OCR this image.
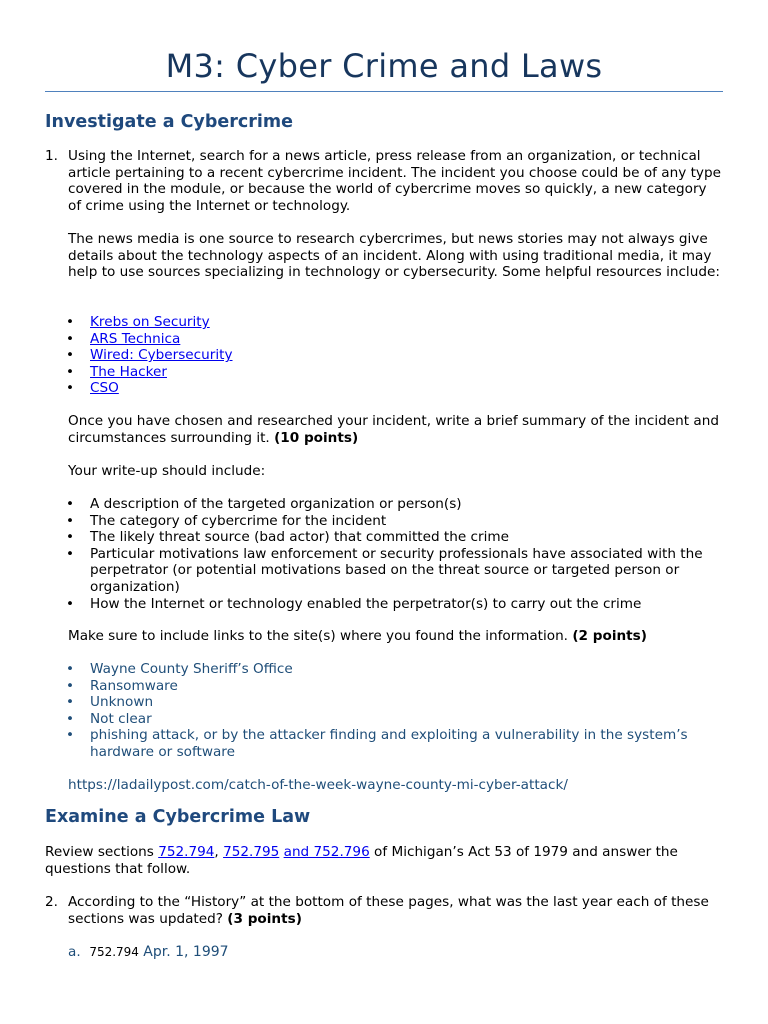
M3: Cyber Crime and Laws
Investigate a Cybercrime
1. Using the Internet, search for a news article, press release from an organization, or technical article pertaining to a recent cybercrime incident. The incident you choose could be of any type covered in the module, or because the world of cybercrime moves so quickly, a new category of crime using the Internet or technology.
The news media is one source to research cybercrimes, but news stories may not always give details about the technology aspects of an incident. Along with using traditional media, it may help to use sources specializing in technology or cybersecurity. Some helpful resources include:
• Krebs on Security
• ARS Technica
• Wired: Cybersecurity
• The Hacker
• CSO
Once you have chosen and researched your incident, write a brief summary of the incident and circumstances surrounding it. (10 points)
Your write-up should include:
• A description of the targeted organization or person(s)
• The category of cybercrime for the incident
• The likely threat source (bad actor) that committed the crime
• Particular motivations law enforcement or security professionals have associated with the perpetrator (or potential motivations based on the threat source or targeted person or organization)
• How the Internet or technology enabled the perpetrator(s) to carry out the crime
Make sure to include links to the site(s) where you found the information. (2 points)
• Wayne County Sheriff’s Office
• Ransomware
• Unknown
• Not clear
• phishing attack, or by the attacker finding and exploiting a vulnerability in the system’s hardware or software
https://ladailypost.com/catch-of-the-week-wayne-county-mi-cyber-attack/
Examine a Cybercrime Law
Review sections 752.794, 752.795 and 752.796 of Michigan’s Act 53 of 1979 and answer the questions that follow.
2. According to the “History” at the bottom of these pages, what was the last year each of these sections was updated? (3 points)
a. 752.794 Apr. 1, 1997
